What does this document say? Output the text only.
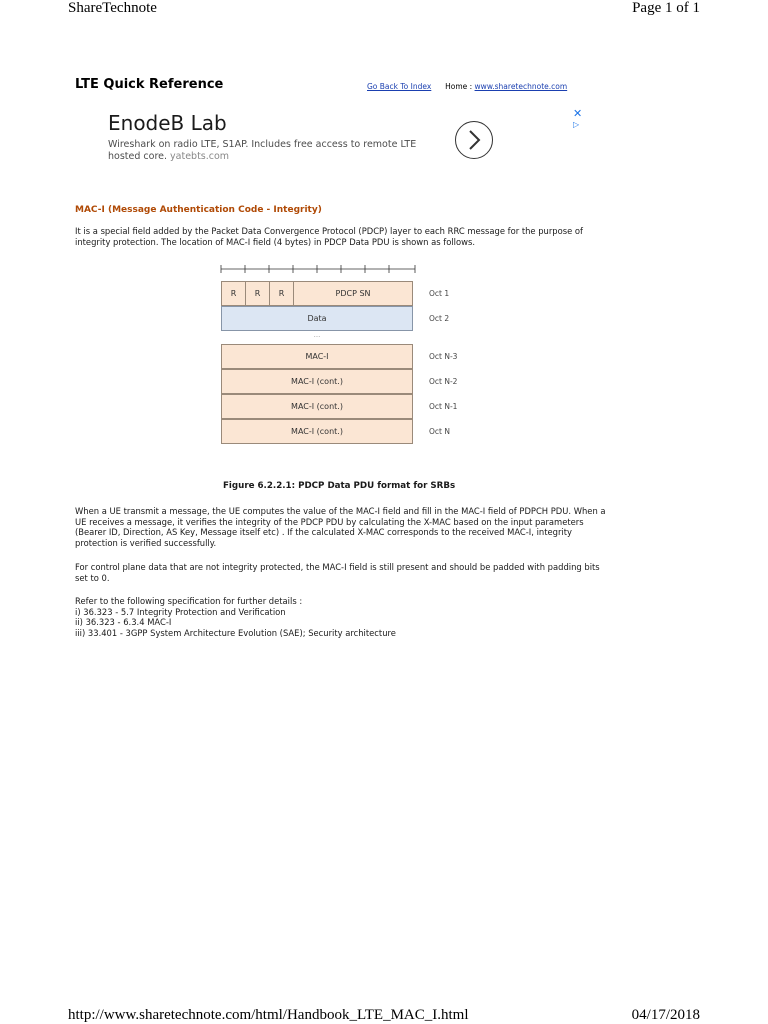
ShareTechnote	Page 1 of 1
LTE Quick Reference	Go Back To Index Home : www.sharetechnote.com
EnodeB Lab
Wireshark on radio LTE, S1AP. Includes free access to remote LTE hosted core. yatebts.com
✕
▷
MAC-I (Message Authentication Code - Integrity)
It is a special field added by the Packet Data Convergence Protocol (PDCP) layer to each RRC message for the purpose of integrity protection. The location of MAC-I field (4 bytes) in PDCP Data PDU is shown as follows.
R	R	R	PDCP SN
Data
...
MAC-I
MAC-I (cont.)
MAC-I (cont.)
MAC-I (cont.)
Oct 1
Oct 2
Oct N-3
Oct N-2
Oct N-1
Oct N
Figure 6.2.2.1: PDCP Data PDU format for SRBs
When a UE transmit a message, the UE computes the value of the MAC-I field and fill in the MAC-I field of PDPCH PDU. When a UE receives a message, it verifies the integrity of the PDCP PDU by calculating the X-MAC based on the input parameters (Bearer ID, Direction, AS Key, Message itself etc) . If the calculated X-MAC corresponds to the received MAC-I, integrity protection is verified successfully.
For control plane data that are not integrity protected, the MAC-I field is still present and should be padded with padding bits set to 0.
Refer to the following specification for further details :
i) 36.323 - 5.7 Integrity Protection and Verification
ii) 36.323 - 6.3.4 MAC-I
iii) 33.401 - 3GPP System Architecture Evolution (SAE); Security architecture
http://www.sharetechnote.com/html/Handbook_LTE_MAC_I.html	04/17/2018
